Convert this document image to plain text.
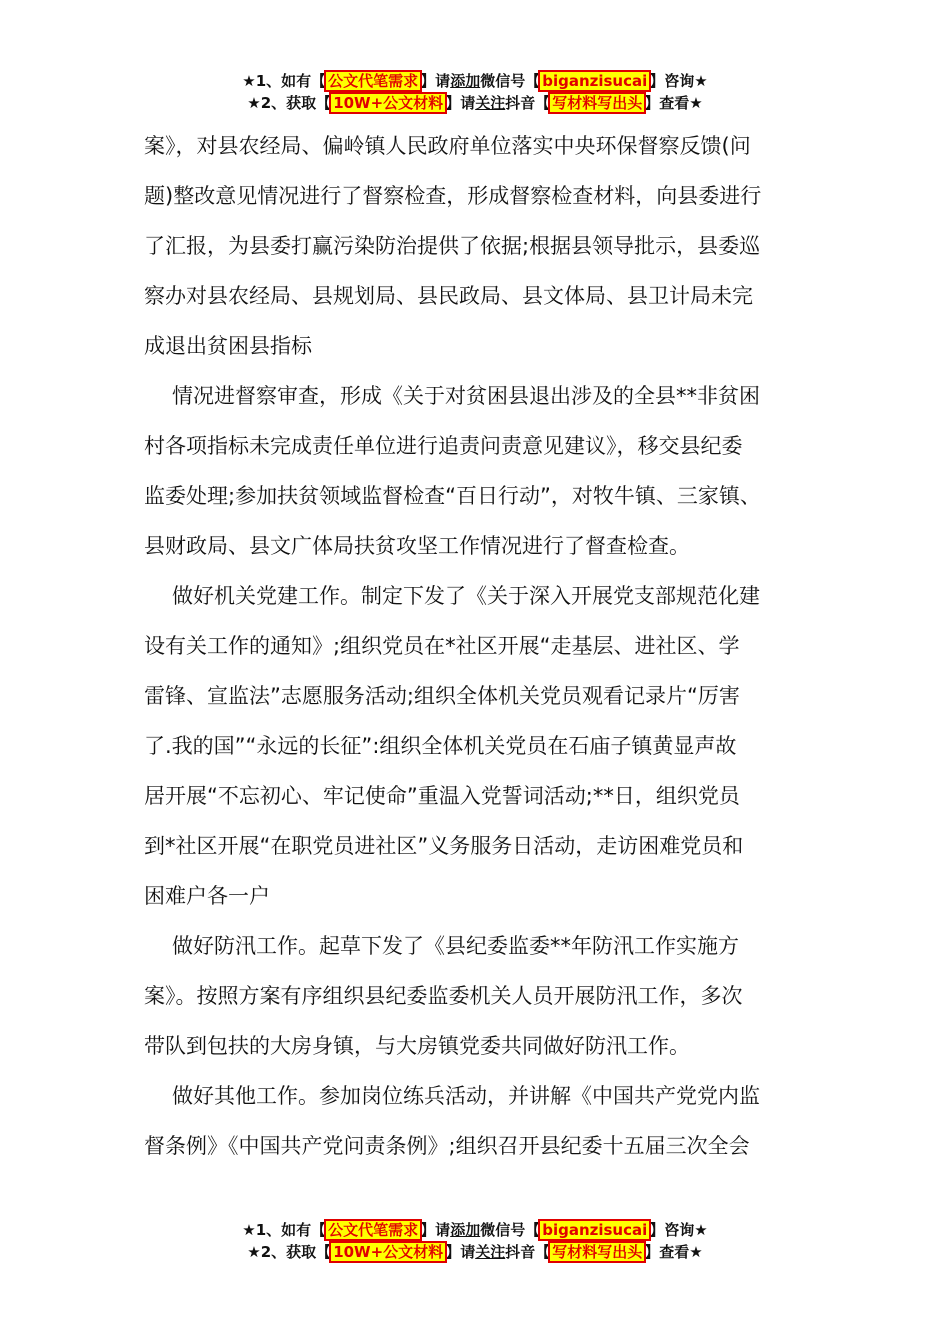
★1、如有【 公文代笔需求 】请添加微信号【 biganzisucai 】咨询★
★2、获取【 10W+公文材料 】请关注抖音【 写材料写出头 】查看★
案》，对县农经局、偏岭镇人民政府单位落实中央环保督察反馈(问
题)整改意见情况进行了督察检查，形成督察检查材料，向县委进行
了汇报，为县委打赢污染防治提供了依据;根据县领导批示，县委巡
察办对县农经局、县规划局、县民政局、县文体局、县卫计局未完
成退出贫困县指标
情况进督察审查，形成《关于对贫困县退出涉及的全县**非贫困
村各项指标未完成责任单位进行追责问责意见建议》，移交县纪委
监委处理;参加扶贫领域监督检查“百日行动”，对牧牛镇、三家镇、
县财政局、县文广体局扶贫攻坚工作情况进行了督查检查。
做好机关党建工作。制定下发了《关于深入开展党支部规范化建
设有关工作的通知》;组织党员在*社区开展“走基层、进社区、学
雷锋、宣监法”志愿服务活动;组织全体机关党员观看记录片“厉害
了.我的国”“永远的长征”:组织全体机关党员在石庙子镇黄显声故
居开展“不忘初心、牢记使命”重温入党誓词活动;**日，组织党员
到*社区开展“在职党员进社区”义务服务日活动，走访困难党员和
困难户各一户
做好防汛工作。起草下发了《县纪委监委**年防汛工作实施方
案》。按照方案有序组织县纪委监委机关人员开展防汛工作，多次
带队到包扶的大房身镇，与大房镇党委共同做好防汛工作。
做好其他工作。参加岗位练兵活动，并讲解《中国共产党党内监
督条例》《中国共产党问责条例》;组织召开县纪委十五届三次全会
★1、如有【 公文代笔需求 】请添加微信号【 biganzisucai 】咨询★
★2、获取【 10W+公文材料 】请关注抖音【 写材料写出头 】查看★
